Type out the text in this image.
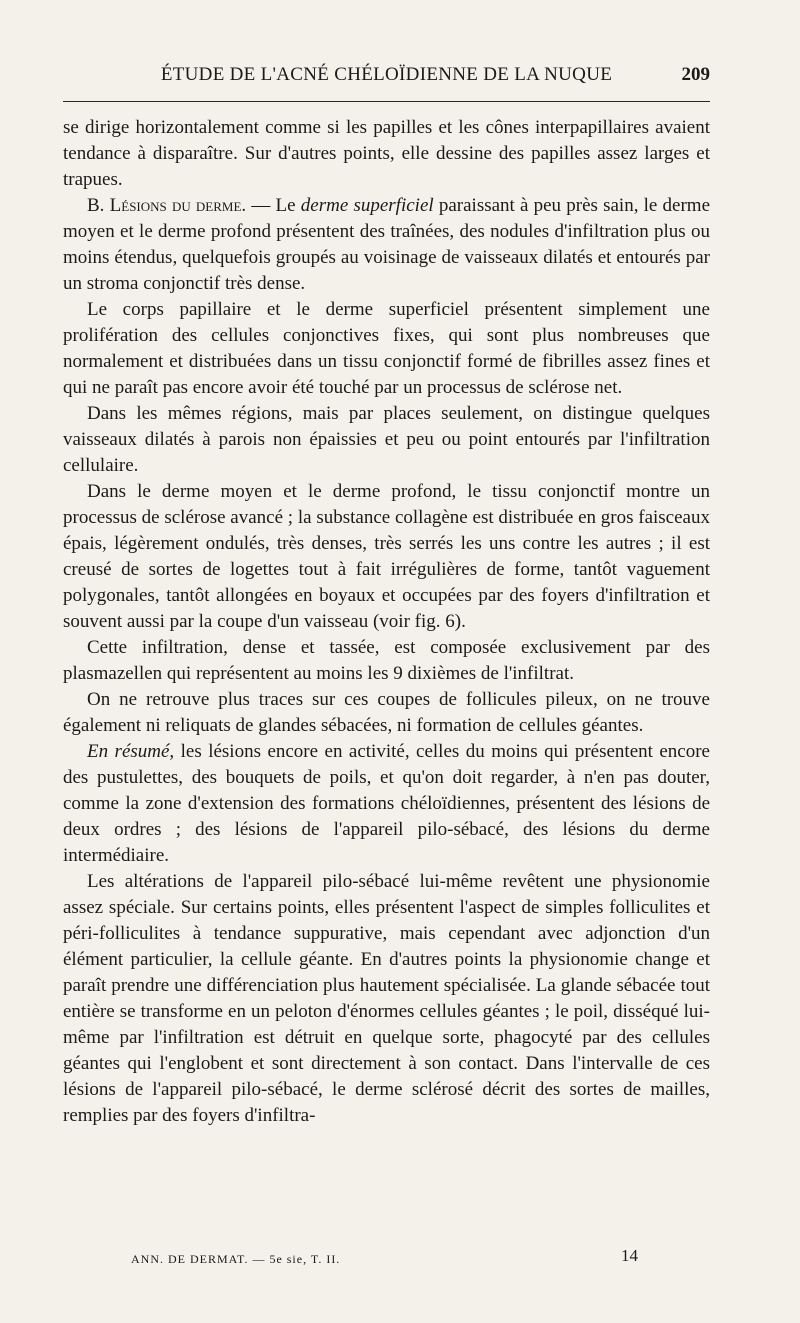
ÉTUDE DE L'ACNÉ CHÉLOÏDIENNE DE LA NUQUE	209

se dirige horizontalement comme si les papilles et les cônes interpapillaires avaient tendance à disparaître. Sur d'autres points, elle dessine des papilles assez larges et trapues.

B. Lésions du derme. — Le derme superficiel paraissant à peu près sain, le derme moyen et le derme profond présentent des traînées, des nodules d'infiltration plus ou moins étendus, quelquefois groupés au voisinage de vaisseaux dilatés et entourés par un stroma conjonctif très dense.

Le corps papillaire et le derme superficiel présentent simplement une prolifération des cellules conjonctives fixes, qui sont plus nombreuses que normalement et distribuées dans un tissu conjonctif formé de fibrilles assez fines et qui ne paraît pas encore avoir été touché par un processus de sclérose net.

Dans les mêmes régions, mais par places seulement, on distingue quelques vaisseaux dilatés à parois non épaissies et peu ou point entourés par l'infiltration cellulaire.

Dans le derme moyen et le derme profond, le tissu conjonctif montre un processus de sclérose avancé ; la substance collagène est distribuée en gros faisceaux épais, légèrement ondulés, très denses, très serrés les uns contre les autres ; il est creusé de sortes de logettes tout à fait irrégulières de forme, tantôt vaguement polygonales, tantôt allongées en boyaux et occupées par des foyers d'infiltration et souvent aussi par la coupe d'un vaisseau (voir fig. 6).

Cette infiltration, dense et tassée, est composée exclusivement par des plasmazellen qui représentent au moins les 9 dixièmes de l'infiltrat.

On ne retrouve plus traces sur ces coupes de follicules pileux, on ne trouve également ni reliquats de glandes sébacées, ni formation de cellules géantes.

En résumé, les lésions encore en activité, celles du moins qui présentent encore des pustulettes, des bouquets de poils, et qu'on doit regarder, à n'en pas douter, comme la zone d'extension des formations chéloïdiennes, présentent des lésions de deux ordres ; des lésions de l'appareil pilo-sébacé, des lésions du derme intermédiaire.

Les altérations de l'appareil pilo-sébacé lui-même revêtent une physionomie assez spéciale. Sur certains points, elles présentent l'aspect de simples folliculites et péri-folliculites à tendance suppurative, mais cependant avec adjonction d'un élément particulier, la cellule géante. En d'autres points la physionomie change et paraît prendre une différenciation plus hautement spécialisée. La glande sébacée tout entière se transforme en un peloton d'énormes cellules géantes ; le poil, disséqué lui-même par l'infiltration est détruit en quelque sorte, phagocyté par des cellules géantes qui l'englobent et sont directement à son contact. Dans l'intervalle de ces lésions de l'appareil pilo-sébacé, le derme sclérosé décrit des sortes de mailles, remplies par des foyers d'infiltra-

ANN. DE DERMAT. — 5e sie, T. II.	14
